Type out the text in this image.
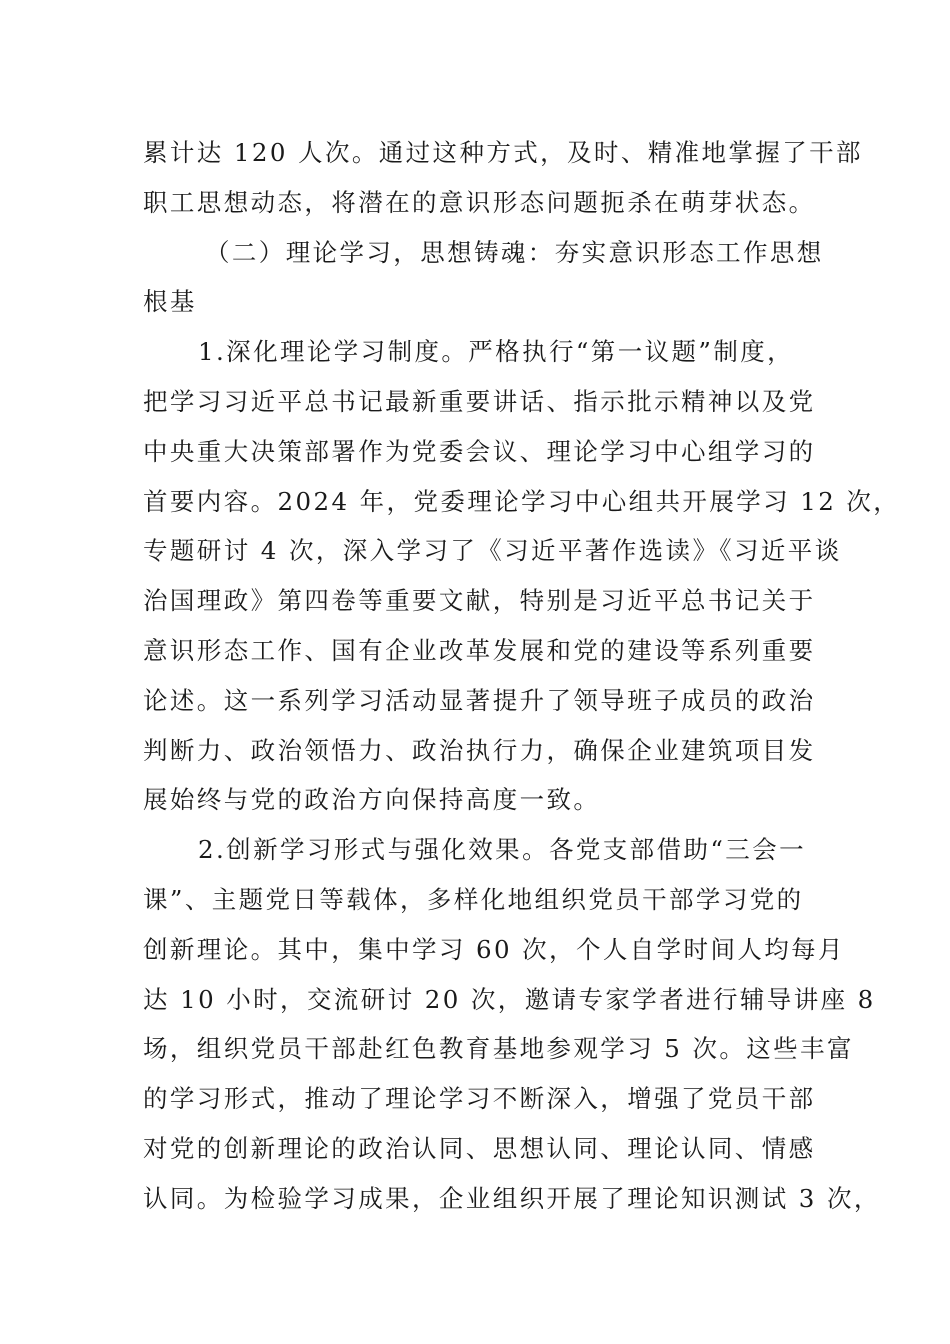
累计达 120 人次。通过这种方式，及时、精准地掌握了干部
职工思想动态，将潜在的意识形态问题扼杀在萌芽状态。

（二）理论学习，思想铸魂：夯实意识形态工作思想
根基

1.深化理论学习制度。严格执行“第一议题”制度，
把学习习近平总书记最新重要讲话、指示批示精神以及党
中央重大决策部署作为党委会议、理论学习中心组学习的
首要内容。2024 年，党委理论学习中心组共开展学习 12 次，
专题研讨 4 次，深入学习了《习近平著作选读》《习近平谈
治国理政》第四卷等重要文献，特别是习近平总书记关于
意识形态工作、国有企业改革发展和党的建设等系列重要
论述。这一系列学习活动显著提升了领导班子成员的政治
判断力、政治领悟力、政治执行力，确保企业建筑项目发
展始终与党的政治方向保持高度一致。

2.创新学习形式与强化效果。各党支部借助“三会一
课”、主题党日等载体，多样化地组织党员干部学习党的
创新理论。其中，集中学习 60 次，个人自学时间人均每月
达 10 小时，交流研讨 20 次，邀请专家学者进行辅导讲座 8
场，组织党员干部赴红色教育基地参观学习 5 次。这些丰富
的学习形式，推动了理论学习不断深入，增强了党员干部
对党的创新理论的政治认同、思想认同、理论认同、情感
认同。为检验学习成果，企业组织开展了理论知识测试 3 次，
